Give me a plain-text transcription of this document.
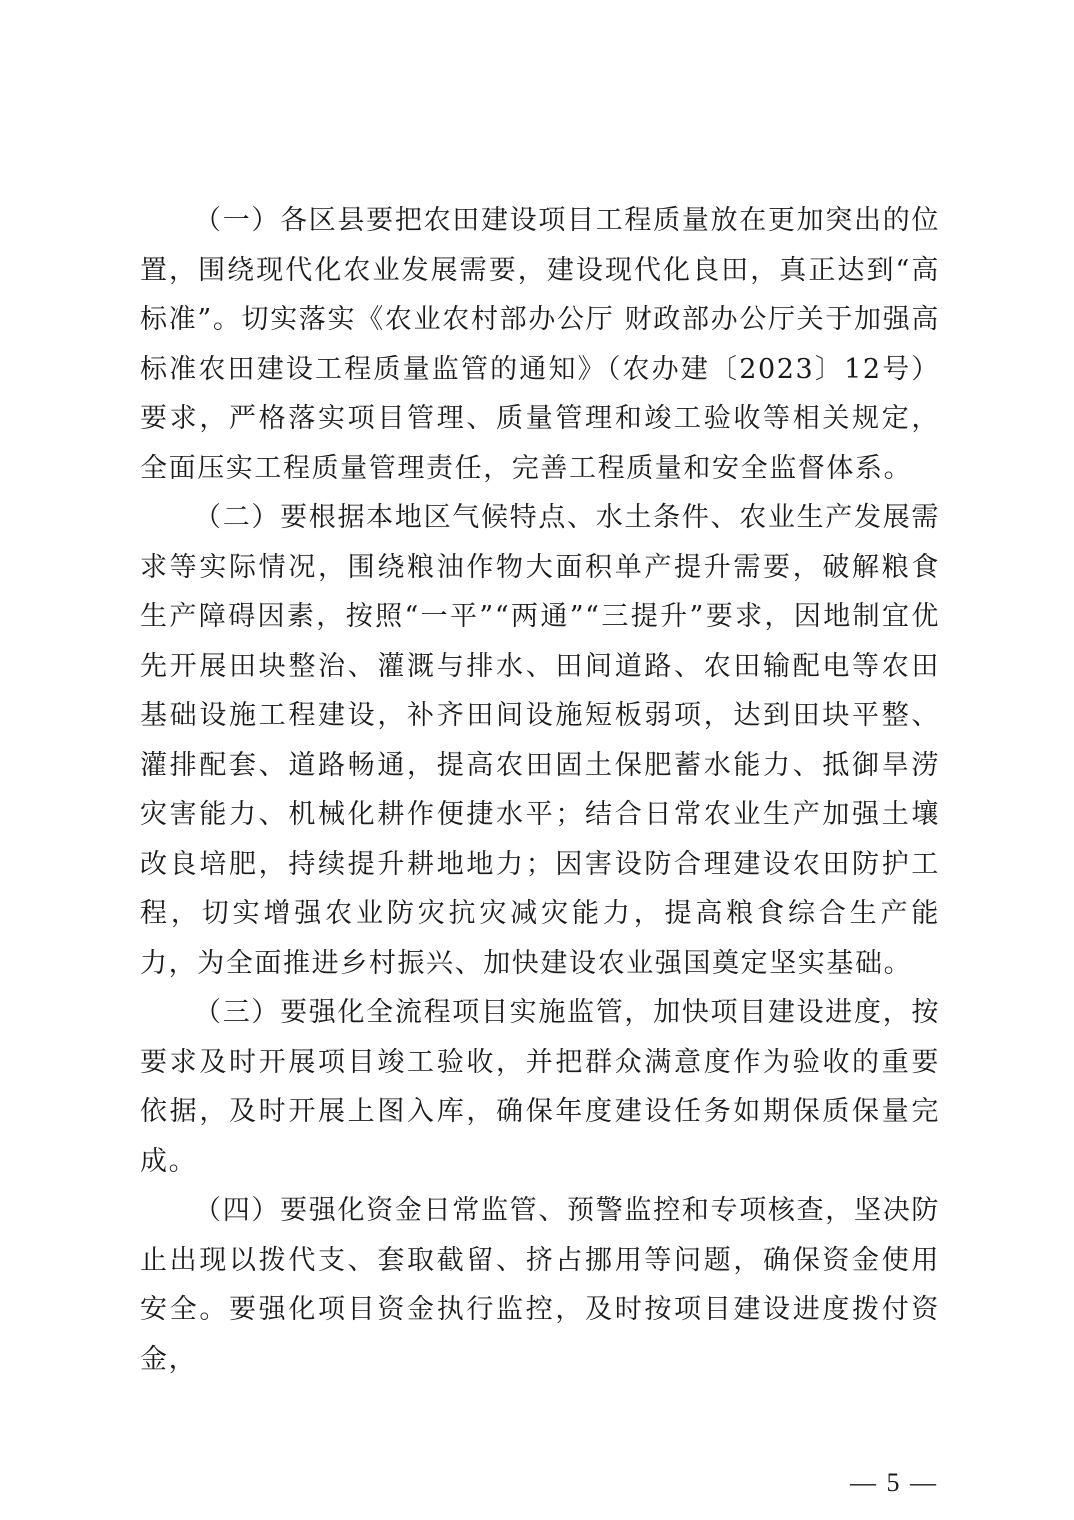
（一）各区县要把农田建设项目工程质量放在更加突出的位置，围绕现代化农业发展需要，建设现代化良田，真正达到“高标准”。切实落实《农业农村部办公厅 财政部办公厅关于加强高标准农田建设工程质量监管的通知》（农办建〔2023〕12号）要求，严格落实项目管理、质量管理和竣工验收等相关规定，全面压实工程质量管理责任，完善工程质量和安全监督体系。

（二）要根据本地区气候特点、水土条件、农业生产发展需求等实际情况，围绕粮油作物大面积单产提升需要，破解粮食生产障碍因素，按照“一平”“两通”“三提升”要求，因地制宜优先开展田块整治、灌溉与排水、田间道路、农田输配电等农田基础设施工程建设，补齐田间设施短板弱项，达到田块平整、灌排配套、道路畅通，提高农田固土保肥蓄水能力、抵御旱涝灾害能力、机械化耕作便捷水平；结合日常农业生产加强土壤改良培肥，持续提升耕地地力；因害设防合理建设农田防护工程，切实增强农业防灾抗灾减灾能力，提高粮食综合生产能力，为全面推进乡村振兴、加快建设农业强国奠定坚实基础。

（三）要强化全流程项目实施监管，加快项目建设进度，按要求及时开展项目竣工验收，并把群众满意度作为验收的重要依据，及时开展上图入库，确保年度建设任务如期保质保量完成。

（四）要强化资金日常监管、预警监控和专项核查，坚决防止出现以拨代支、套取截留、挤占挪用等问题，确保资金使用安全。要强化项目资金执行监控，及时按项目建设进度拨付资金，

— 5 —
